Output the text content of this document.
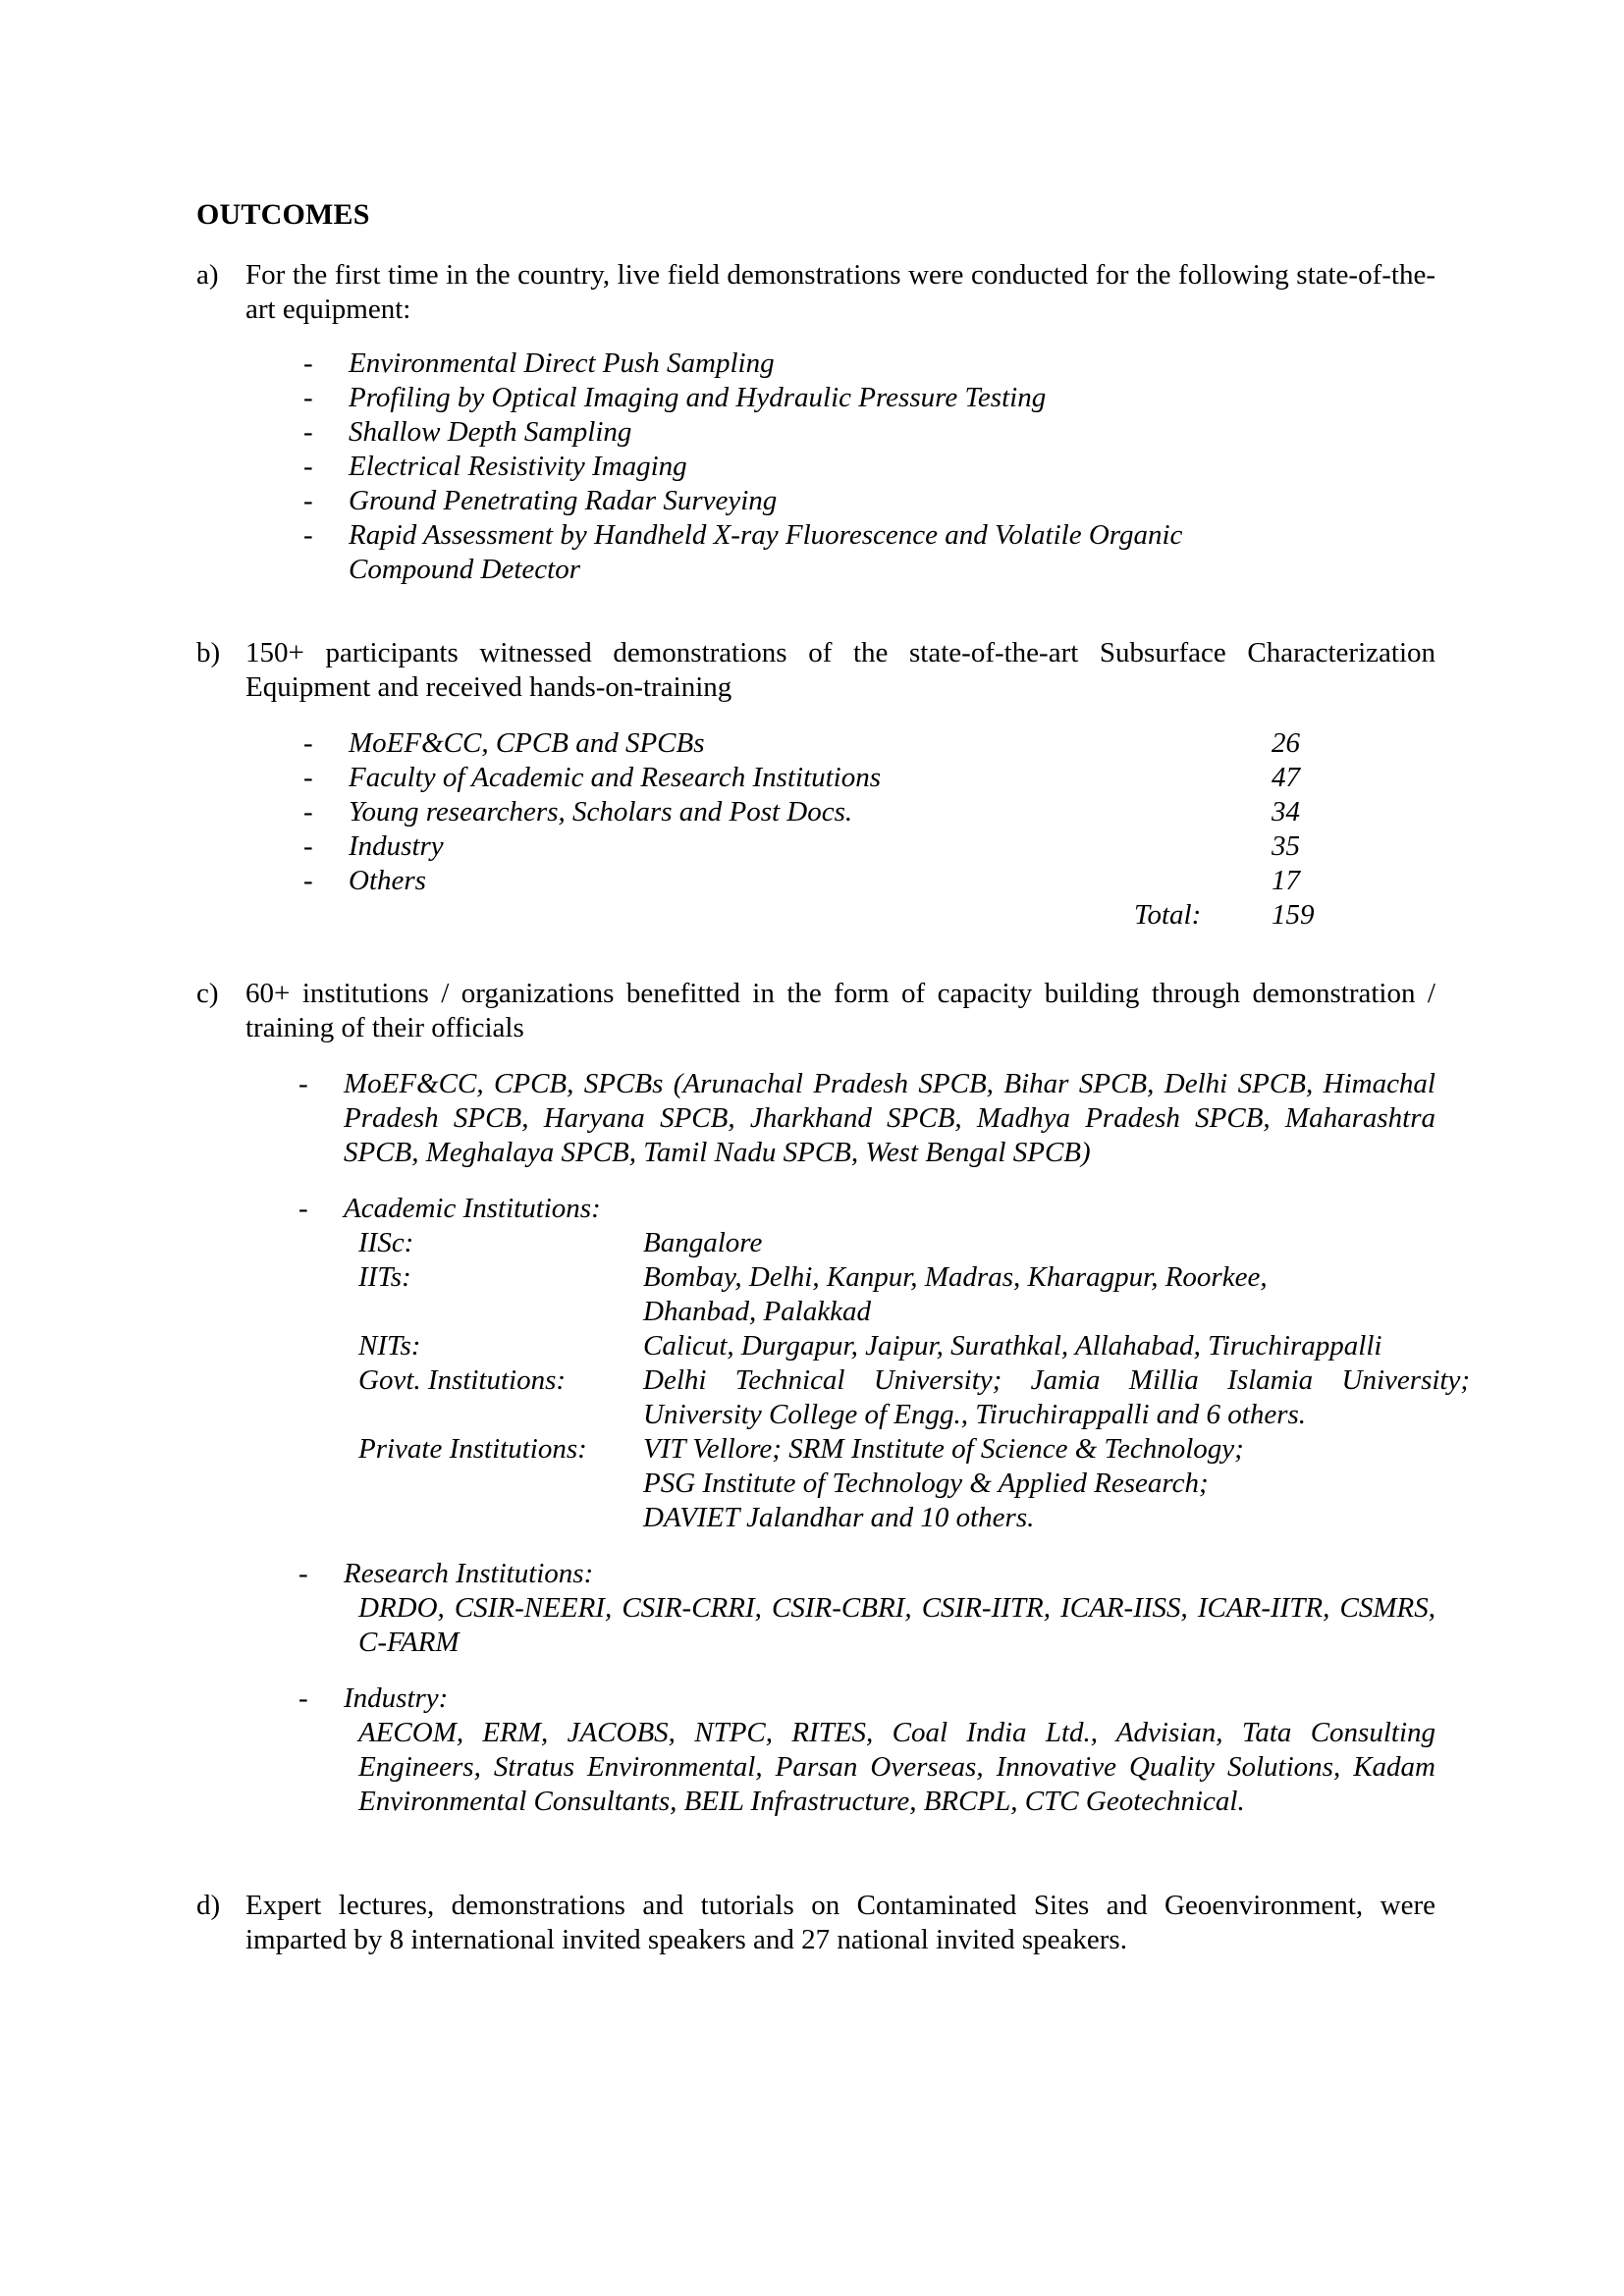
OUTCOMES
a) For the first time in the country, live field demonstrations were conducted for the following state-of-the-art equipment:
- Environmental Direct Push Sampling
- Profiling by Optical Imaging and Hydraulic Pressure Testing
- Shallow Depth Sampling
- Electrical Resistivity Imaging
- Ground Penetrating Radar Surveying
- Rapid Assessment by Handheld X-ray Fluorescence and Volatile Organic
Compound Detector
b) 150+ participants witnessed demonstrations of the state-of-the-art Subsurface Characterization Equipment and received hands-on-training
- MoEF&CC, CPCB and SPCBs	26
- Faculty of Academic and Research Institutions	47
- Young researchers, Scholars and Post Docs.	34
- Industry	35
- Others	17
Total: 159
c) 60+ institutions / organizations benefitted in the form of capacity building through demonstration / training of their officials
- MoEF&CC, CPCB, SPCBs (Arunachal Pradesh SPCB, Bihar SPCB, Delhi SPCB, Himachal Pradesh SPCB, Haryana SPCB, Jharkhand SPCB, Madhya Pradesh SPCB, Maharashtra SPCB, Meghalaya SPCB, Tamil Nadu SPCB, West Bengal SPCB)
- Academic Institutions:
IISc:	Bangalore
IITs:	Bombay, Delhi, Kanpur, Madras, Kharagpur, Roorkee,
Dhanbad, Palakkad
NITs:	Calicut, Durgapur, Jaipur, Surathkal, Allahabad, Tiruchirappalli
Govt. Institutions:	Delhi Technical University; Jamia Millia Islamia University;
University College of Engg., Tiruchirappalli and 6 others.
Private Institutions: VIT Vellore; SRM Institute of Science & Technology;
PSG Institute of Technology & Applied Research;
DAVIET Jalandhar and 10 others.
- Research Institutions:
DRDO, CSIR-NEERI, CSIR-CRRI, CSIR-CBRI, CSIR-IITR, ICAR-IISS, ICAR-IITR, CSMRS, C-FARM
- Industry:
AECOM, ERM, JACOBS, NTPC, RITES, Coal India Ltd., Advisian, Tata Consulting Engineers, Stratus Environmental, Parsan Overseas, Innovative Quality Solutions, Kadam Environmental Consultants, BEIL Infrastructure, BRCPL, CTC Geotechnical.
d) Expert lectures, demonstrations and tutorials on Contaminated Sites and Geoenvironment, were imparted by 8 international invited speakers and 27 national invited speakers.
